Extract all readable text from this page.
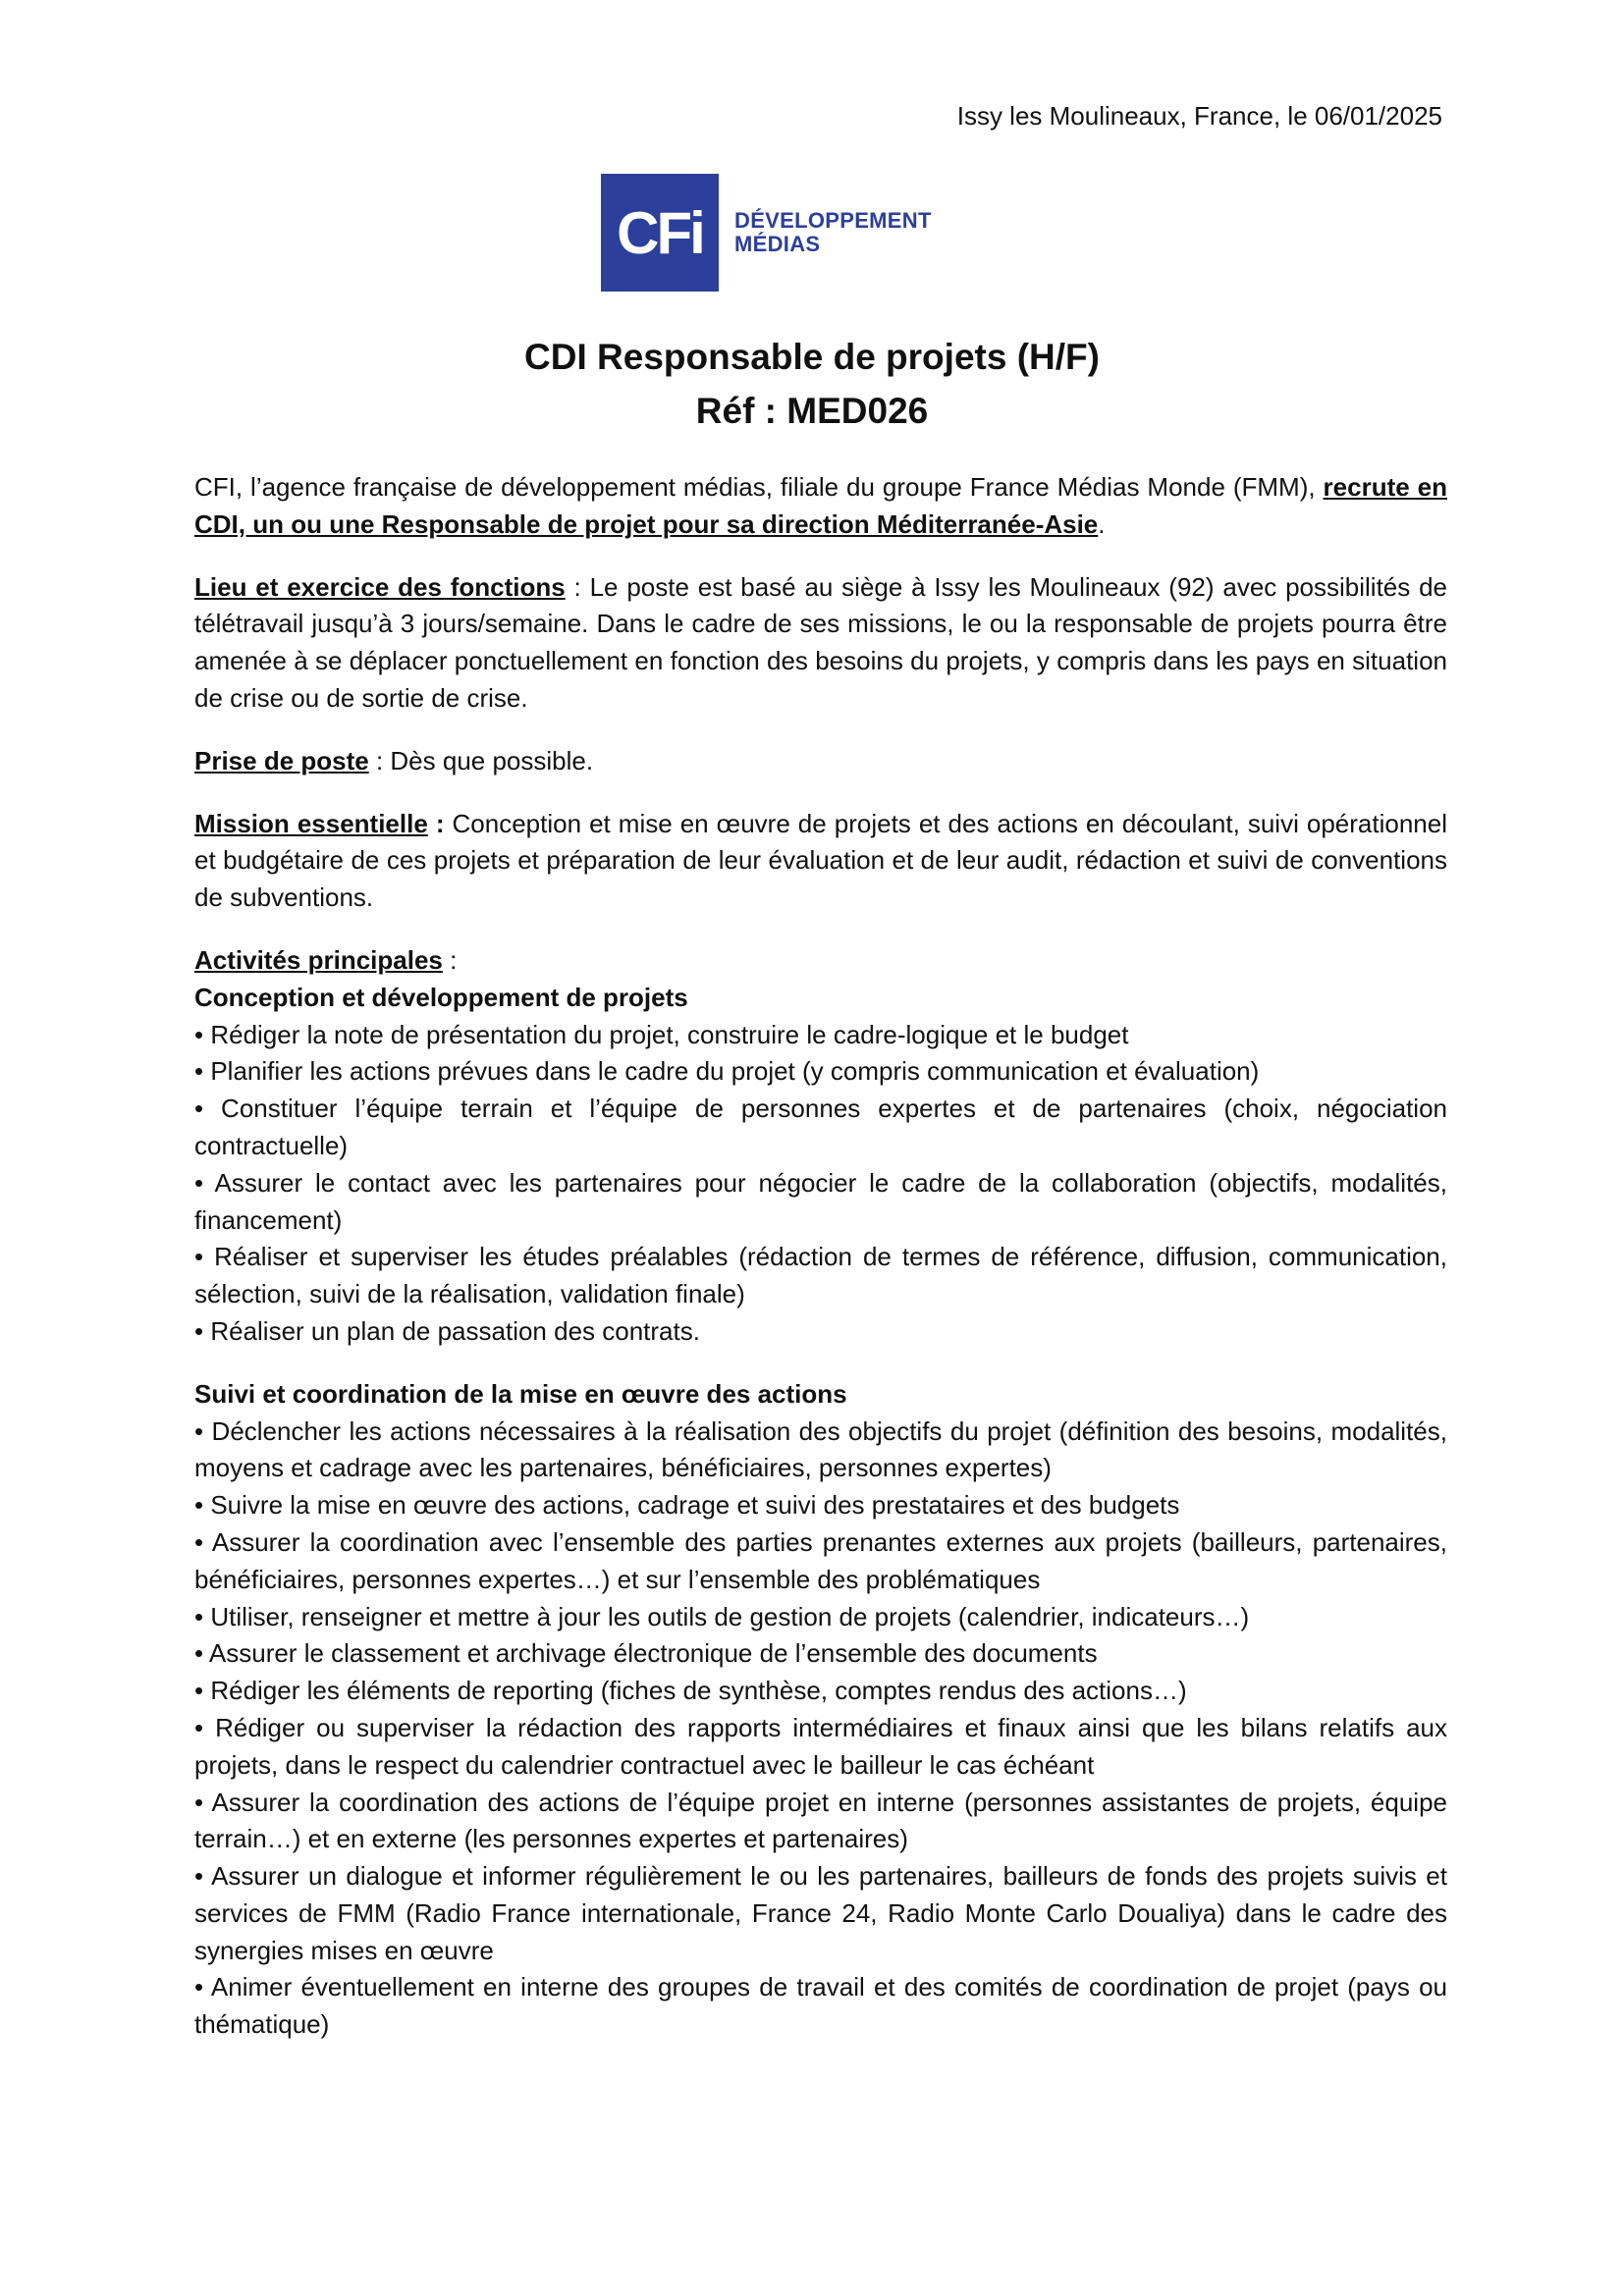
Issy les Moulineaux, France, le 06/01/2025
CFi	DÉVELOPPEMENT
MÉDIAS
CDI Responsable de projets (H/F)
Réf : MED026

CFI, l’agence française de développement médias, filiale du groupe France Médias Monde (FMM), recrute en CDI, un ou une Responsable de projet pour sa direction Méditerranée-Asie.

Lieu et exercice des fonctions : Le poste est basé au siège à Issy les Moulineaux (92) avec possibilités de télétravail jusqu’à 3 jours/semaine. Dans le cadre de ses missions, le ou la responsable de projets pourra être amenée à se déplacer ponctuellement en fonction des besoins du projets, y compris dans les pays en situation de crise ou de sortie de crise.

Prise de poste : Dès que possible.

Mission essentielle : Conception et mise en œuvre de projets et des actions en découlant, suivi opérationnel et budgétaire de ces projets et préparation de leur évaluation et de leur audit, rédaction et suivi de conventions de subventions.

Activités principales :
Conception et développement de projets
• Rédiger la note de présentation du projet, construire le cadre-logique et le budget
• Planifier les actions prévues dans le cadre du projet (y compris communication et évaluation)
• Constituer l’équipe terrain et l’équipe de personnes expertes et de partenaires (choix, négociation contractuelle)
• Assurer le contact avec les partenaires pour négocier le cadre de la collaboration (objectifs, modalités, financement)
• Réaliser et superviser les études préalables (rédaction de termes de référence, diffusion, communication, sélection, suivi de la réalisation, validation finale)
• Réaliser un plan de passation des contrats.
Suivi et coordination de la mise en œuvre des actions
• Déclencher les actions nécessaires à la réalisation des objectifs du projet (définition des besoins, modalités, moyens et cadrage avec les partenaires, bénéficiaires, personnes expertes)
• Suivre la mise en œuvre des actions, cadrage et suivi des prestataires et des budgets
• Assurer la coordination avec l’ensemble des parties prenantes externes aux projets (bailleurs, partenaires, bénéficiaires, personnes expertes…) et sur l’ensemble des problématiques
• Utiliser, renseigner et mettre à jour les outils de gestion de projets (calendrier, indicateurs…)
• Assurer le classement et archivage électronique de l’ensemble des documents
• Rédiger les éléments de reporting (fiches de synthèse, comptes rendus des actions…)
• Rédiger ou superviser la rédaction des rapports intermédiaires et finaux ainsi que les bilans relatifs aux projets, dans le respect du calendrier contractuel avec le bailleur le cas échéant
• Assurer la coordination des actions de l’équipe projet en interne (personnes assistantes de projets, équipe terrain…) et en externe (les personnes expertes et partenaires)
• Assurer un dialogue et informer régulièrement le ou les partenaires, bailleurs de fonds des projets suivis et services de FMM (Radio France internationale, France 24, Radio Monte Carlo Doualiya) dans le cadre des synergies mises en œuvre
• Animer éventuellement en interne des groupes de travail et des comités de coordination de projet (pays ou thématique)
